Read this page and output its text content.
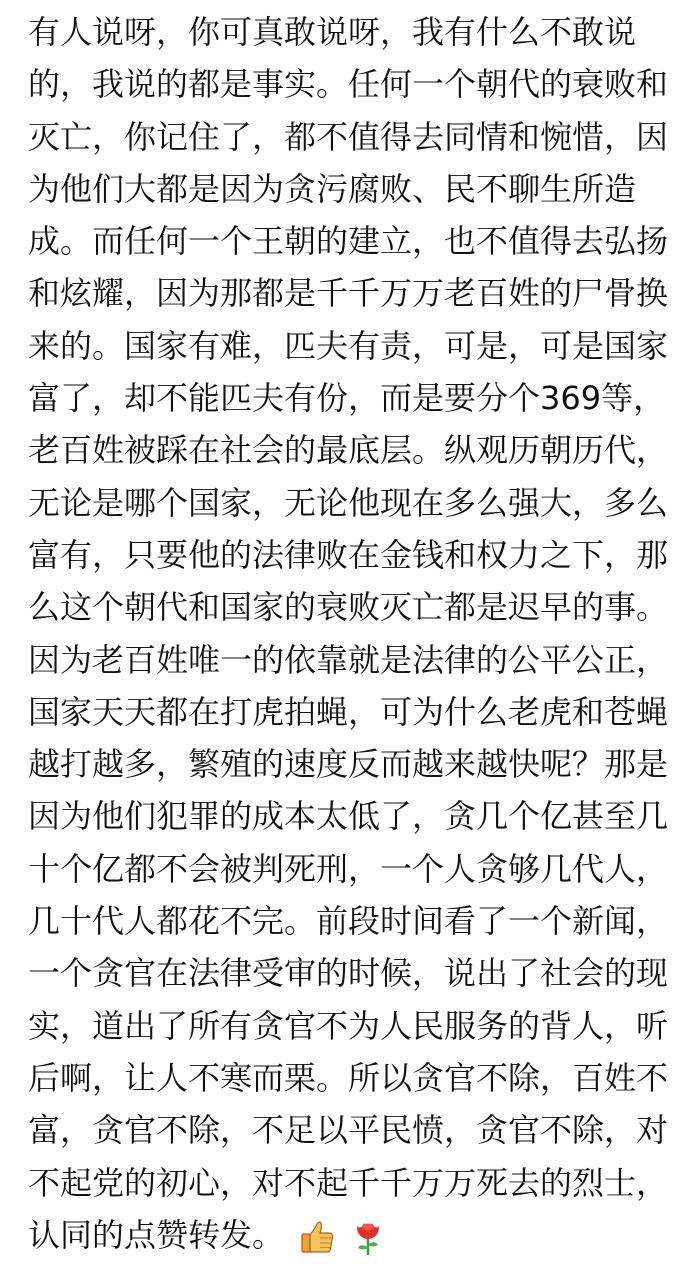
有人说呀，你可真敢说呀，我有什么不敢说
的，我说的都是事实。任何一个朝代的衰败和
灭亡，你记住了，都不值得去同情和惋惜，因
为他们大都是因为贪污腐败、民不聊生所造
成。而任何一个王朝的建立，也不值得去弘扬
和炫耀，因为那都是千千万万老百姓的尸骨换
来的。国家有难，匹夫有责，可是，可是国家
富了，却不能匹夫有份，而是要分个369等，
老百姓被踩在社会的最底层。纵观历朝历代，
无论是哪个国家，无论他现在多么强大，多么
富有，只要他的法律败在金钱和权力之下，那
么这个朝代和国家的衰败灭亡都是迟早的事。
因为老百姓唯一的依靠就是法律的公平公正，
国家天天都在打虎拍蝇，可为什么老虎和苍蝇
越打越多，繁殖的速度反而越来越快呢？那是
因为他们犯罪的成本太低了，贪几个亿甚至几
十个亿都不会被判死刑，一个人贪够几代人，
几十代人都花不完。前段时间看了一个新闻，
一个贪官在法律受审的时候，说出了社会的现
实，道出了所有贪官不为人民服务的背人，听
后啊，让人不寒而栗。所以贪官不除，百姓不
富，贪官不除，不足以平民愤，贪官不除，对
不起党的初心，对不起千千万万死去的烈士，
认同的点赞转发。
